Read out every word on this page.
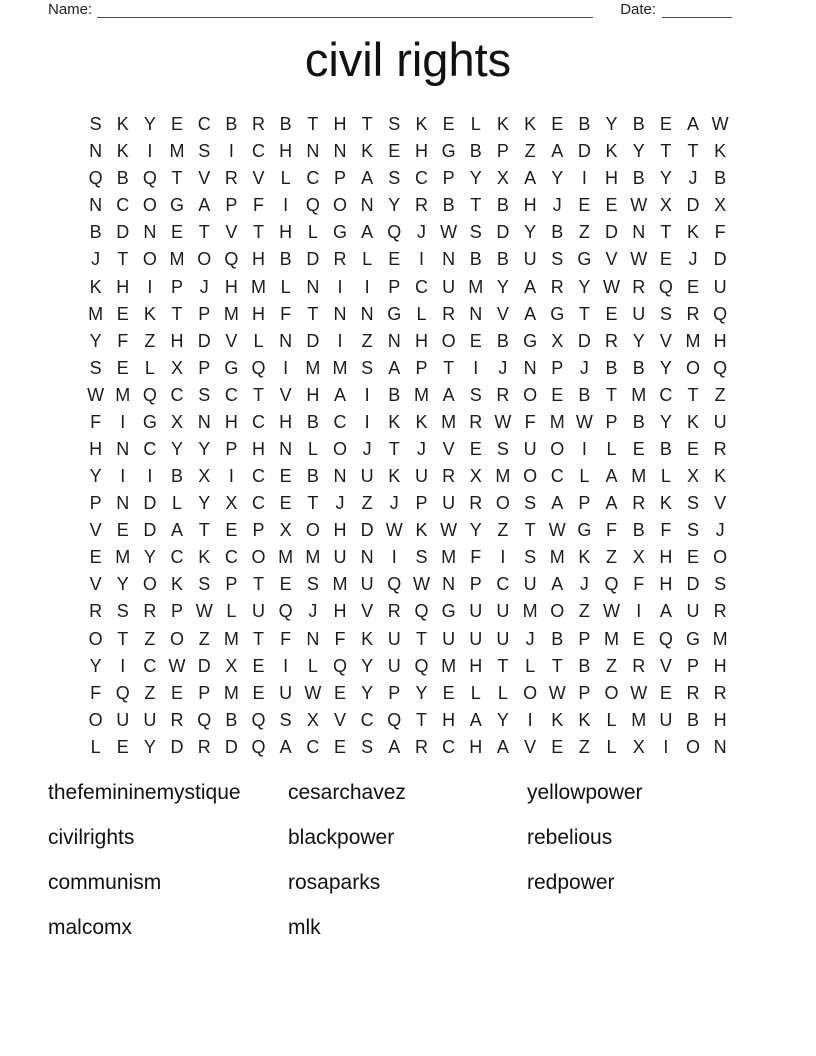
Name:	Date:
civil rights
S K Y E C B R B T H T S K E L K K E B Y B E A W
N K	I M S	I	C H N N K E H G B P Z A D K Y T T K
Q B Q T V R V L C P A S C P Y X A Y	I	H B Y J B
N C O G A P F	I Q O N Y R B T B H J E E W X D X
B D N E T V T H L G A Q J W S D Y B Z D N T K F
J T O M O Q H B D R L E	I	N B B U S G V W E J D
K H	I	P J H M L N	I	I	P C U M Y A R Y W R Q E U
M E K T P M H F T N N G L R N V A G T E U S R Q
Y F Z H D V L N D	I	Z N H O E B G X D R Y V M H
S E L X P G Q I M M S A P T	I	J N P J B B Y O Q
W M Q C S C T V H A	I	B M A S R O E B T M C T Z
F	I G X N H C H B C	I	K K M R W F M W P B Y K U
H N C Y Y P H N L O J T J V E S U O I	L E B E R
Y	I	I	B X	I	C E B N U K U R X M O C L A M L X K
P N D L Y X C E T J Z J P U R O S A P A R K S V
V E D A T E P X O H D W K W Y Z T W G F B F S J
E M Y C K C O M M U N	I	S M F	I	S M K Z X H E O
V Y O K S P T E S M U Q W N P C U A J Q F H D S
R S R P W L U Q J H V R Q G U U M O Z W I	A U R
O T Z O Z M T F N F K U T U U U J B P M E Q G M
Y	I	C W D X E	I	L Q Y U Q M H T L T B Z R V P H
F Q Z E P M E U W E Y P Y E L L O W P O W E R R
O U U R Q B Q S X V C Q T H A Y	I	K K L M U B H
L E Y D R D Q A C E S A R C H A V E Z L X	I O N
thefemininemystique
civilrights
communism
malcomx
cesarchavez
blackpower
rosaparks
mlk
yellowpower
rebelious
redpower
